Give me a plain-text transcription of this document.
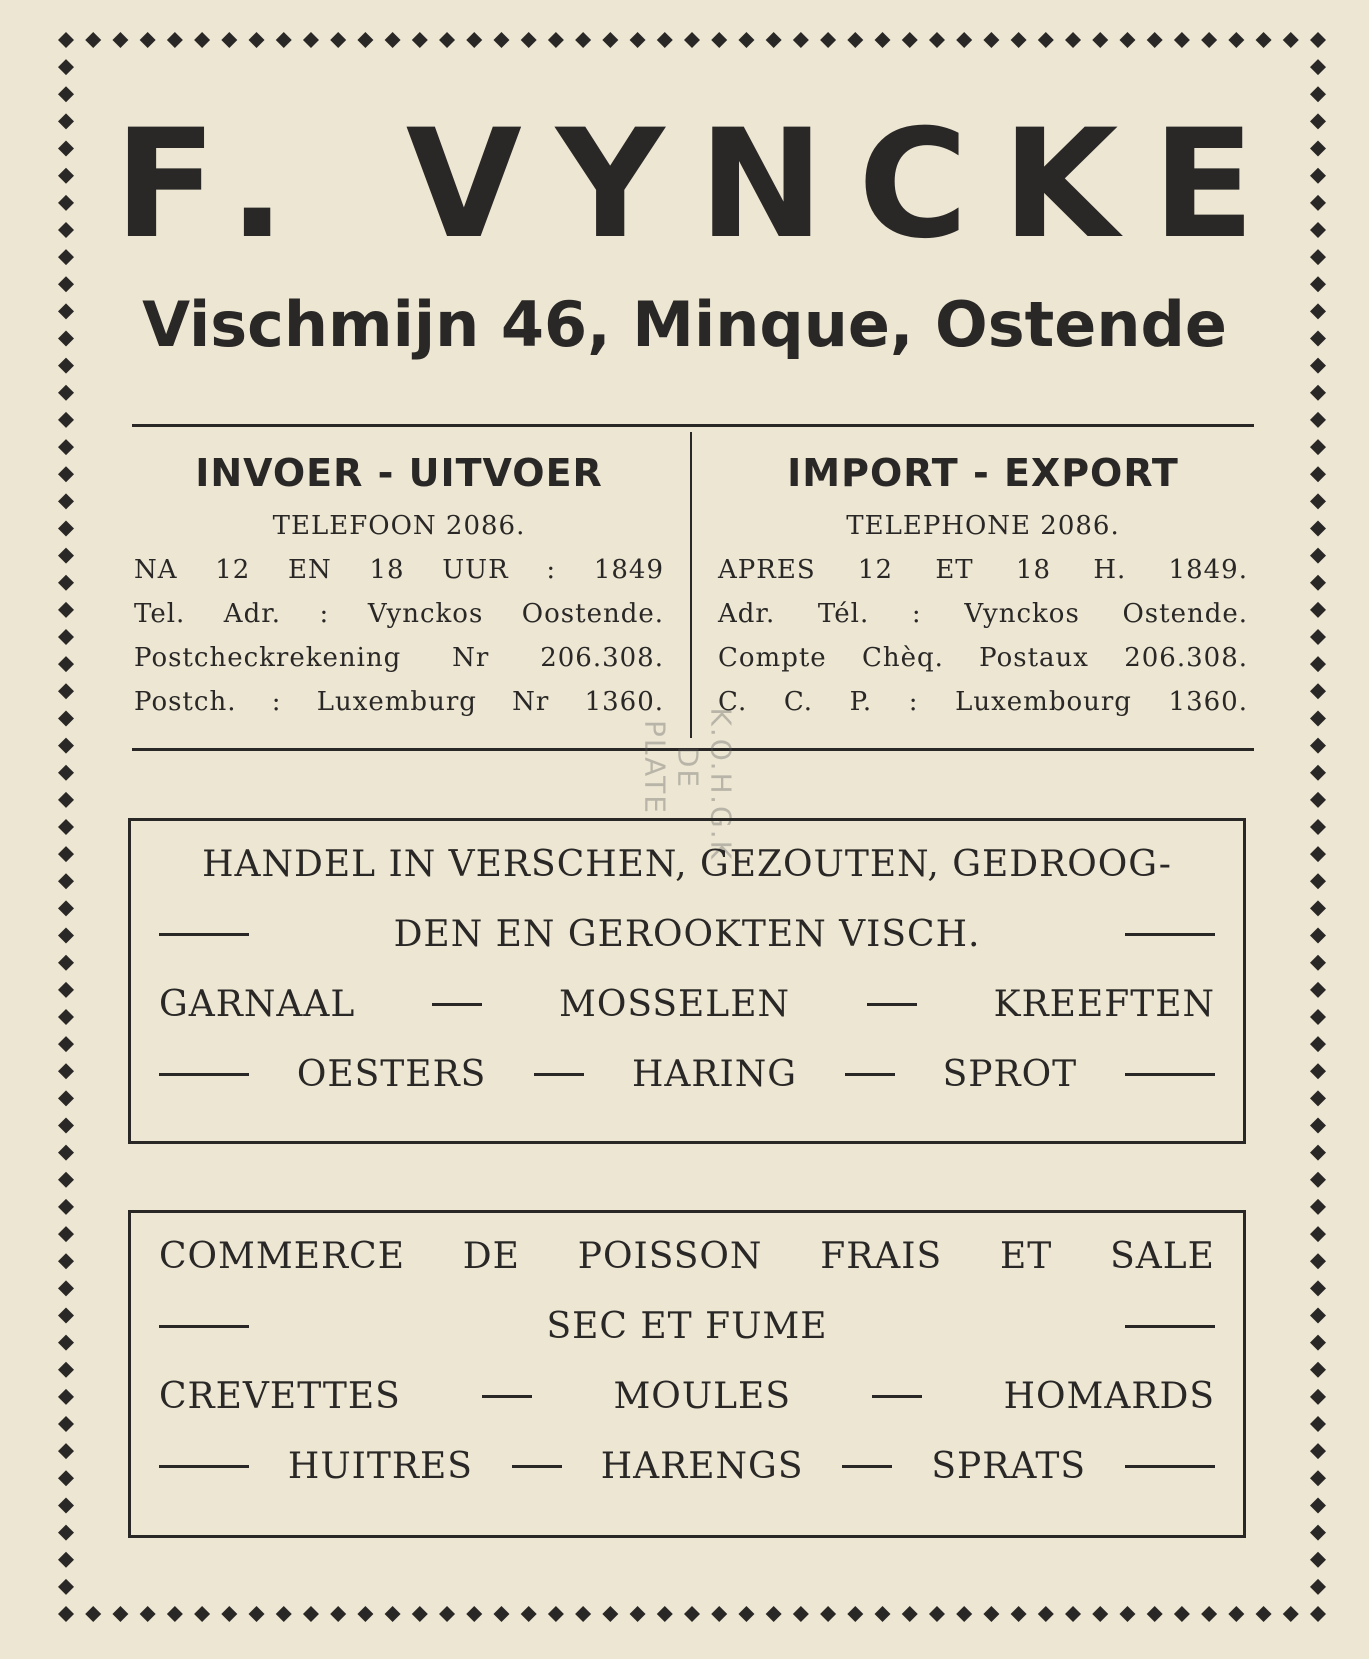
F. VYNCKE
Vischmijn 46, Minque, Ostende
INVOER - UITVOER
TELEFOON 2086.
NA 12 EN 18 UUR : 1849
Tel. Adr. : Vynckos Oostende.
Postcheckrekening Nr 206.308.
Postch. : Luxemburg Nr 1360.
IMPORT - EXPORT
TELEPHONE 2086.
APRES 12 ET 18 H. 1849.
Adr. Tél. : Vynckos Ostende.
Compte Chèq. Postaux 206.308.
C. C. P. : Luxembourg 1360.
K.O.H.G.K DE PLATE
HANDEL IN VERSCHEN, GEZOUTEN, GEDROOG-
DEN EN GEROOKTEN VISCH.
GARNAAL	MOSSELEN	KREEFTEN
OESTERS	HARING	SPROT
COMMERCE DE POISSON FRAIS ET SALE
SEC ET FUME
CREVETTES	MOULES	HOMARDS
HUITRES	HARENGS	SPRATS
